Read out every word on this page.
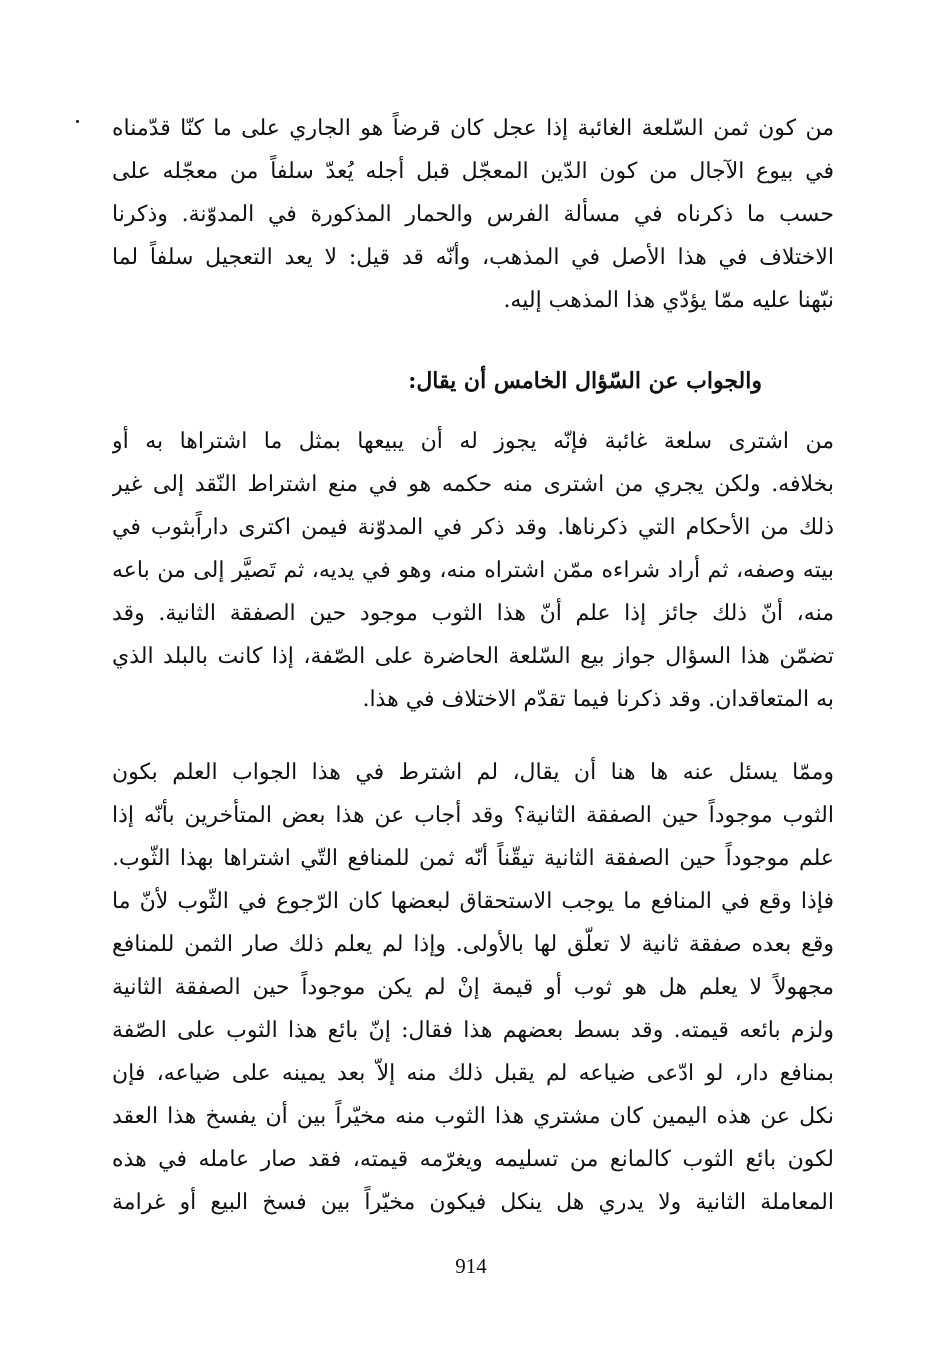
من كون ثمن السّلعة الغائبة إذا عجل كان قرضاً هو الجاري على ما كنّا قدّمناه
في بيوع الآجال من كون الدّين المعجّل قبل أجله يُعدّ سلفاً من معجّله على
حسب ما ذكرناه في مسألة الفرس والحمار المذكورة في المدوّنة. وذكرنا
الاختلاف في هذا الأصل في المذهب، وأنّه قد قيل: لا يعد التعجيل سلفاً لما
نبّهنا عليه ممّا يؤدّي هذا المذهب إليه.
والجواب عن السّؤال الخامس أن يقال:
من اشترى سلعة غائبة فإنّه يجوز له أن يبيعها بمثل ما اشتراها به أو
بخلافه. ولكن يجري من اشترى منه حكمه هو في منع اشتراط النّقد إلى غير
ذلك من الأحكام التي ذكرناها. وقد ذكر في المدوّنة فيمن اكترى داراًبثوب في
بيته وصفه، ثم أراد شراءه ممّن اشتراه منه، وهو في يديه، ثم تَصيَّر إلى من باعه
منه، أنّ ذلك جائز إذا علم أنّ هذا الثوب موجود حين الصفقة الثانية. وقد
تضمّن هذا السؤال جواز بيع السّلعة الحاضرة على الصّفة، إذا كانت بالبلد الذي
به المتعاقدان. وقد ذكرنا فيما تقدّم الاختلاف في هذا.
وممّا يسئل عنه ها هنا أن يقال، لم اشترط في هذا الجواب العلم بكون
الثوب موجوداً حين الصفقة الثانية؟ وقد أجاب عن هذا بعض المتأخرين بأنّه إذا
علم موجوداً حين الصفقة الثانية تيقّناً أنّه ثمن للمنافع التّي اشتراها بهذا الثّوب.
فإذا وقع في المنافع ما يوجب الاستحقاق لبعضها كان الرّجوع في الثّوب لأنّ ما
وقع بعده صفقة ثانية لا تعلّق لها بالأولى. وإذا لم يعلم ذلك صار الثمن للمنافع
مجهولاً لا يعلم هل هو ثوب أو قيمة إنْ لم يكن موجوداً حين الصفقة الثانية
ولزم بائعه قيمته. وقد بسط بعضهم هذا فقال: إنّ بائع هذا الثوب على الصّفة
بمنافع دار، لو ادّعى ضياعه لم يقبل ذلك منه إلاّ بعد يمينه على ضياعه، فإن
نكل عن هذه اليمين كان مشتري هذا الثوب منه مخيّراً بين أن يفسخ هذا العقد
لكون بائع الثوب كالمانع من تسليمه ويغرّمه قيمته، فقد صار عامله في هذه
المعاملة الثانية ولا يدري هل ينكل فيكون مخيّراً بين فسخ البيع أو غرامة
914
